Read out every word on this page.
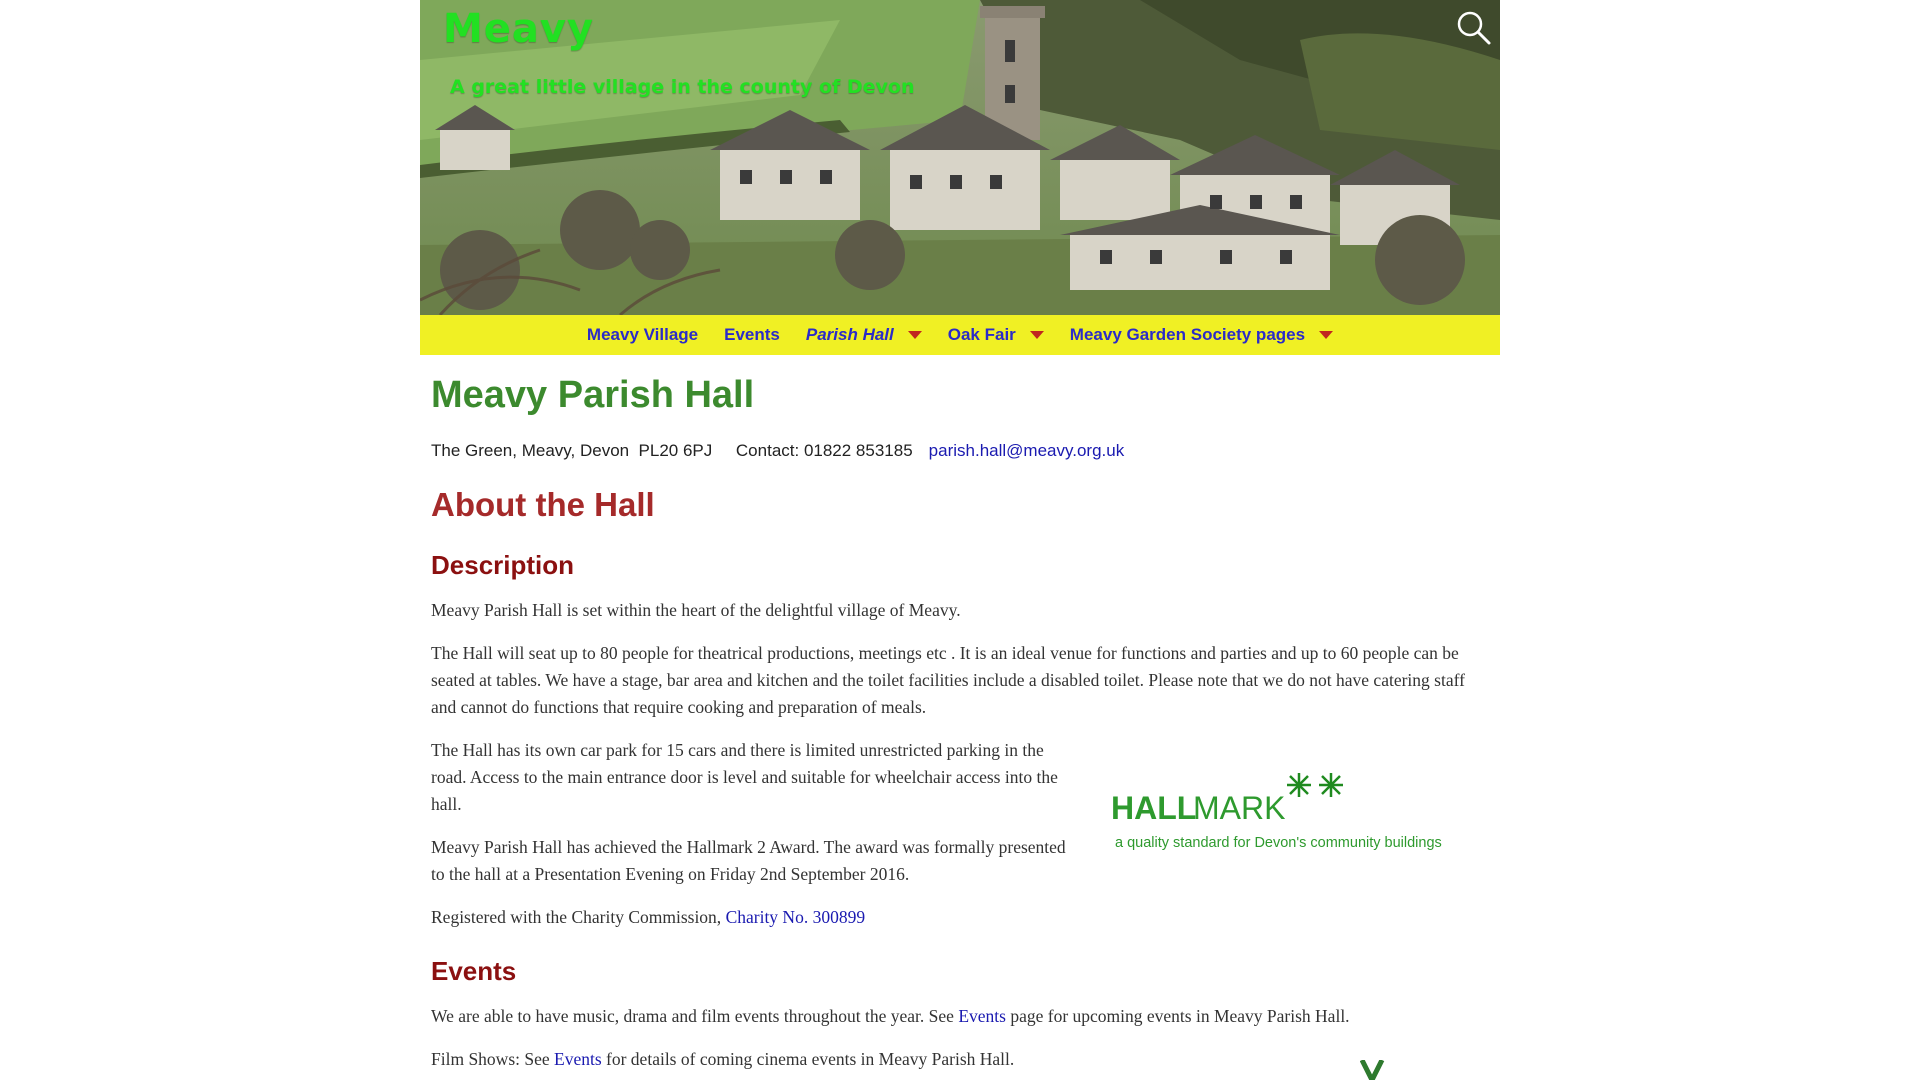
Meavy
A great little village in the county of Devon
Meavy Village Events Parish Hall	Oak Fair	Meavy Garden Society pages
Meavy Parish Hall
The Green, Meavy, Devon  PL20 6PJ Contact: 01822 853185 parish.hall@meavy.org.uk
About the Hall
Description

Meavy Parish Hall is set within the heart of the delightful village of Meavy.

The Hall will seat up to 80 people for theatrical productions, meetings etc . It is an ideal venue for functions and parties and up to 60 people can be seated at tables. We have a stage, bar area and kitchen and the toilet facilities include a disabled toilet. Please note that we do not have catering staff and cannot do functions that require cooking and preparation of meals.

The Hall has its own car park for 15 cars and there is limited unrestricted parking in the road. Access to the main entrance door is level and suitable for wheelchair access into the hall.

Meavy Parish Hall has achieved the Hallmark 2 Award. The award was formally presented to the hall at a Presentation Evening on Friday 2nd September 2016.

Registered with the Charity Commission, Charity No. 300899

HALL
MARK
a quality standard for Devon's community buildings
Events

We are able to have music, drama and film events throughout the year. See Events page for upcoming events in Meavy Parish Hall.

Film Shows: See Events for details of coming cinema events in Meavy Parish Hall.
